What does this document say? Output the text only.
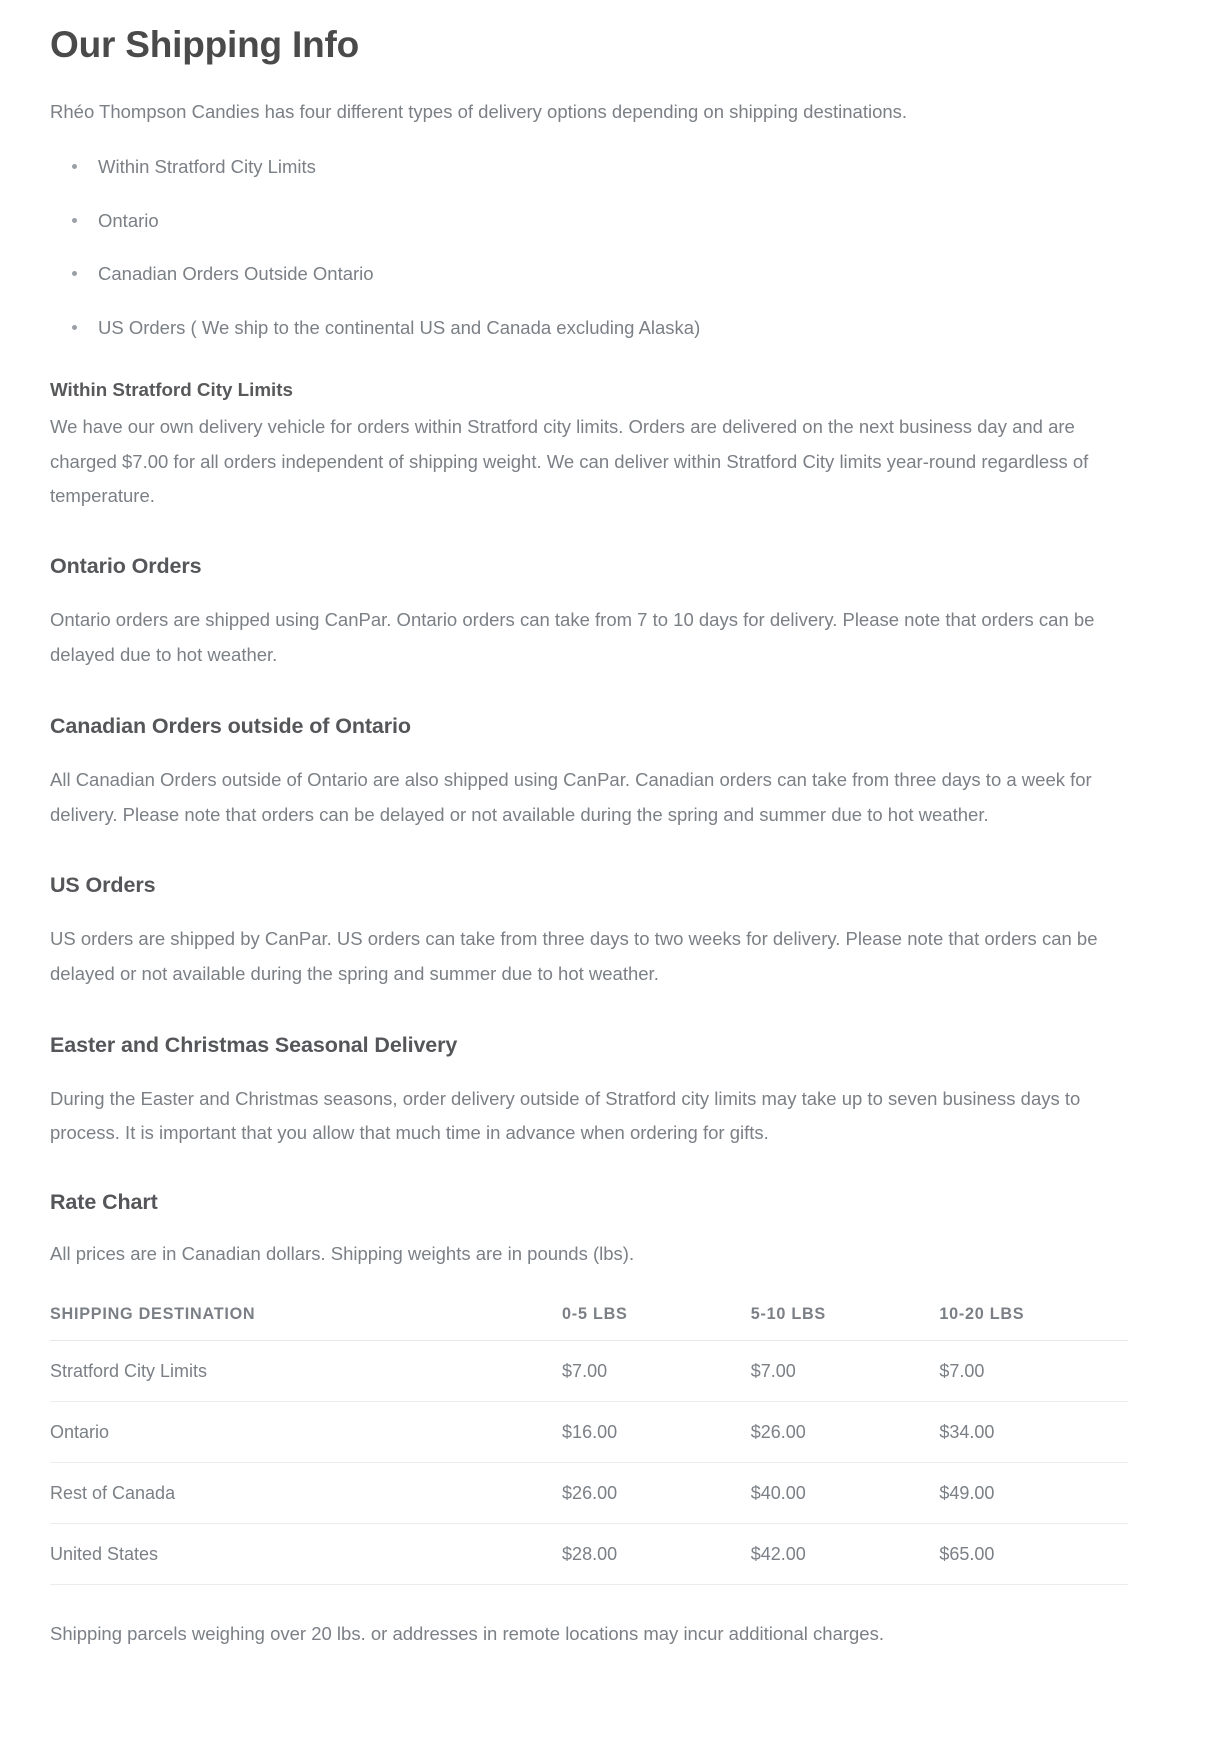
Our Shipping Info

Rhéo Thompson Candies has four different types of delivery options depending on shipping destinations.

Within Stratford City Limits
Ontario
Canadian Orders Outside Ontario
US Orders ( We ship to the continental US and Canada excluding Alaska)

Within Stratford City Limits

We have our own delivery vehicle for orders within Stratford city limits. Orders are delivered on the next business day and are charged $7.00 for all orders independent of shipping weight. We can deliver within Stratford City limits year-round regardless of temperature.

Ontario Orders

Ontario orders are shipped using CanPar. Ontario orders can take from 7 to 10 days for delivery. Please note that orders can be delayed due to hot weather.

Canadian Orders outside of Ontario

All Canadian Orders outside of Ontario are also shipped using CanPar. Canadian orders can take from three days to a week for delivery. Please note that orders can be delayed or not available during the spring and summer due to hot weather.

US Orders

US orders are shipped by CanPar. US orders can take from three days to two weeks for delivery. Please note that orders can be delayed or not available during the spring and summer due to hot weather.

Easter and Christmas Seasonal Delivery

During the Easter and Christmas seasons, order delivery outside of Stratford city limits may take up to seven business days to process. It is important that you allow that much time in advance when ordering for gifts.

Rate Chart

All prices are in Canadian dollars. Shipping weights are in pounds (lbs).

SHIPPING DESTINATION	0-5 LBS	5-10 LBS	10-20 LBS
Stratford City Limits	$7.00	$7.00	$7.00
Ontario	$16.00	$26.00	$34.00
Rest of Canada	$26.00	$40.00	$49.00
United States	$28.00	$42.00	$65.00

Shipping parcels weighing over 20 lbs. or addresses in remote locations may incur additional charges.
